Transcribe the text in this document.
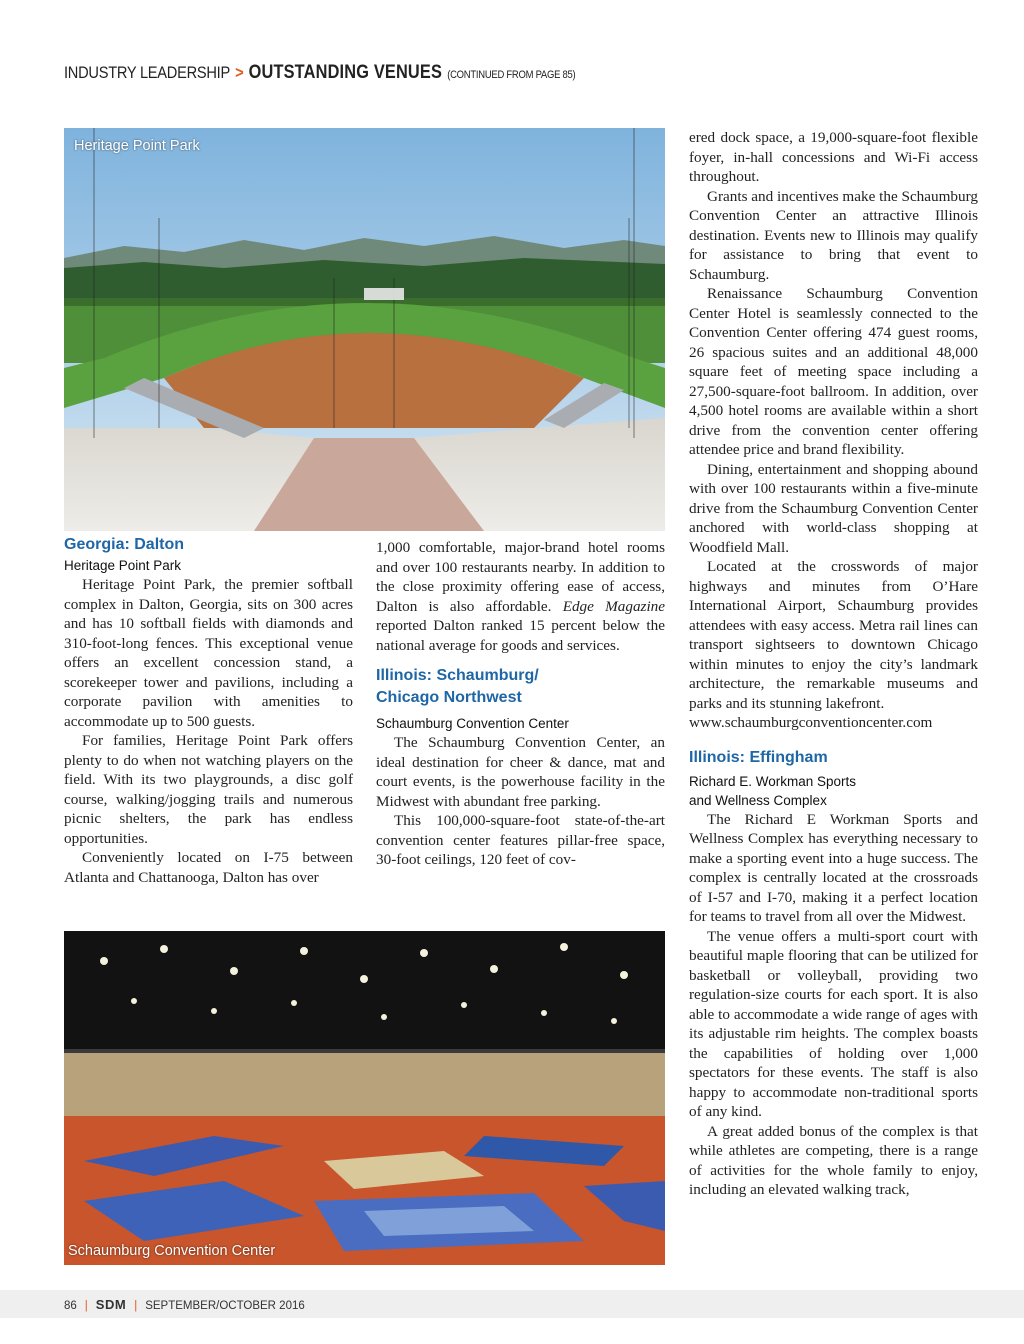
INDUSTRY LEADERSHIP > OUTSTANDING VENUES (CONTINUED FROM PAGE 85)
Heritage Point Park
Georgia: Dalton
Heritage Point Park

Heritage Point Park, the premier softball complex in Dalton, Georgia, sits on 300 acres and has 10 softball fields with diamonds and 310-foot-long fences. This exceptional venue offers an excellent concession stand, a scorekeeper tower and pavilions, including a corporate pavilion with amenities to accommodate up to 500 guests.

For families, Heritage Point Park offers plenty to do when not watching players on the field. With its two playgrounds, a disc golf course, walking/jogging trails and numerous picnic shelters, the park has endless opportunities.

Conveniently located on I-75 between Atlanta and Chattanooga, Dalton has over

1,000 comfortable, major-brand hotel rooms and over 100 restaurants nearby. In addition to the close proximity offering ease of access, Dalton is also affordable. Edge Magazine reported Dalton ranked 15 percent below the national average for goods and services.

Illinois: Schaumburg/
Chicago Northwest
Schaumburg Convention Center

The Schaumburg Convention Center, an ideal destination for cheer & dance, mat and court events, is the powerhouse facility in the Midwest with abundant free parking.

This 100,000-square-foot state-of-the-art convention center features pillar-free space, 30-foot ceilings, 120 feet of cov-

ered dock space, a 19,000-square-foot flexible foyer, in-hall concessions and Wi-Fi access throughout.

Grants and incentives make the Schaumburg Convention Center an attractive Illinois destination. Events new to Illinois may qualify for assistance to bring that event to Schaumburg.

Renaissance Schaumburg Convention Center Hotel is seamlessly connected to the Convention Center offering 474 guest rooms, 26 spacious suites and an additional 48,000 square feet of meeting space including a 27,500-square-foot ballroom. In addition, over 4,500 hotel rooms are available within a short drive from the convention center offering attendee price and brand flexibility.

Dining, entertainment and shopping abound with over 100 restaurants within a five-minute drive from the Schaumburg Convention Center anchored with world-class shopping at Woodfield Mall.

Located at the crosswords of major highways and minutes from O’Hare International Airport, Schaumburg provides attendees with easy access. Metra rail lines can transport sightseers to downtown Chicago within minutes to enjoy the city’s landmark architecture, the remarkable museums and parks and its stunning lakefront.

www.schaumburgconventioncenter.com

Illinois: Effingham
Richard E. Workman Sports
and Wellness Complex

The Richard E Workman Sports and Wellness Complex has everything necessary to make a sporting event into a huge success. The complex is centrally located at the crossroads of I-57 and I-70, making it a perfect location for teams to travel from all over the Midwest.

The venue offers a multi-sport court with beautiful maple flooring that can be utilized for basketball or volleyball, providing two regulation-size courts for each sport. It is also able to accommodate a wide range of ages with its adjustable rim heights. The complex boasts the capabilities of holding over 1,000 spectators for these events. The staff is also happy to accommodate non-traditional sports of any kind.

A great added bonus of the complex is that while athletes are competing, there is a range of activities for the whole family to enjoy, including an elevated walking track,

Schaumburg Convention Center
86 | SDM | SEPTEMBER/OCTOBER 2016
